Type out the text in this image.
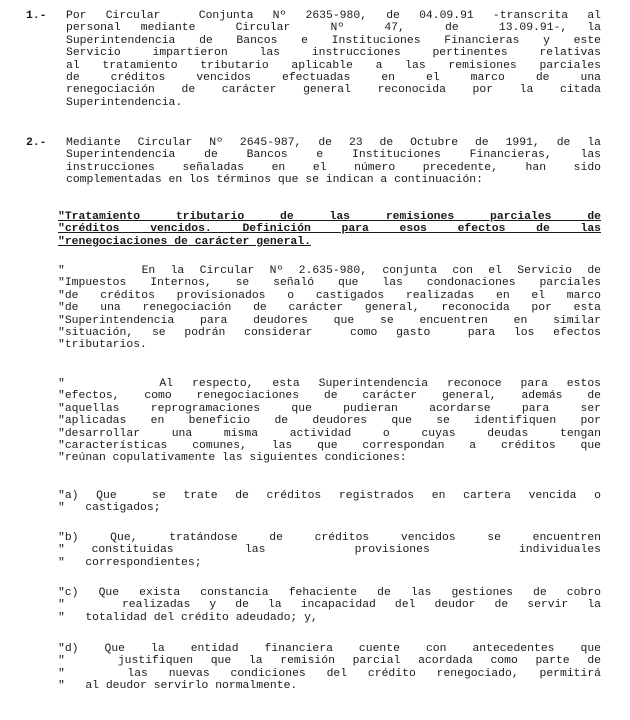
1.- Por Circular  Conjunta Nº 2635-980, de 04.09.91 -transcrita al
personal mediante  Circular  Nº  47,  de  13.09.91-, la
Superintendencia de Bancos e Instituciones Financieras y este
Servicio impartieron las instrucciones pertinentes relativas
al tratamiento tributario aplicable a las remisiones parciales
de créditos vencidos efectuadas en el marco de una
renegociación de carácter general reconocida por la citada
Superintendencia.
2.- Mediante Circular Nº 2645-987, de 23 de Octubre de 1991, de la
Superintendencia de Bancos e Instituciones Financieras, las
instrucciones señaladas en el número precedente, han sido
complementadas en los términos que se indican a continuación:
"Tratamiento tributario de las remisiones parciales de
"créditos vencidos. Definición para esos efectos de las
"renegociaciones de carácter general.
"     En la Circular Nº 2.635-980, conjunta con el Servicio de
"Impuestos Internos, se señaló que las condonaciones parciales
"de créditos provisionados o castigados realizadas en el marco
"de una renegociación de carácter general, reconocida por esta
"Superintendencia para deudores que se encuentren en similar
"situación, se podrán considerar  como gasto  para los efectos
"tributarios.
"     Al respecto, esta Superintendencia reconoce para estos
"efectos, como renegociaciones de carácter general, además de
"aquellas reprogramaciones que pudieran acordarse para ser
"aplicadas en beneficio de deudores que se identifiquen por
"desarrollar una misma actividad o cuyas deudas tengan
"características comunes, las que correspondan a créditos que
"reúnan copulativamente las siguientes condiciones:
"a) Que  se trate de créditos registrados en cartera vencida o
"   castigados;
"b) Que, tratándose de créditos vencidos se encuentren
"   constituidas        las          provisiones          individuales
"   correspondientes;
"c) Que exista constancia fehaciente de las gestiones de cobro
"   realizadas y de la incapacidad del deudor de servir la
"   totalidad del crédito adeudado; y,
"d) Que la entidad financiera cuente con antecedentes que
"   justifiquen que la remisión parcial acordada como parte de
"   las nuevas condiciones del crédito renegociado, permitirá
"   al deudor servirlo normalmente.
